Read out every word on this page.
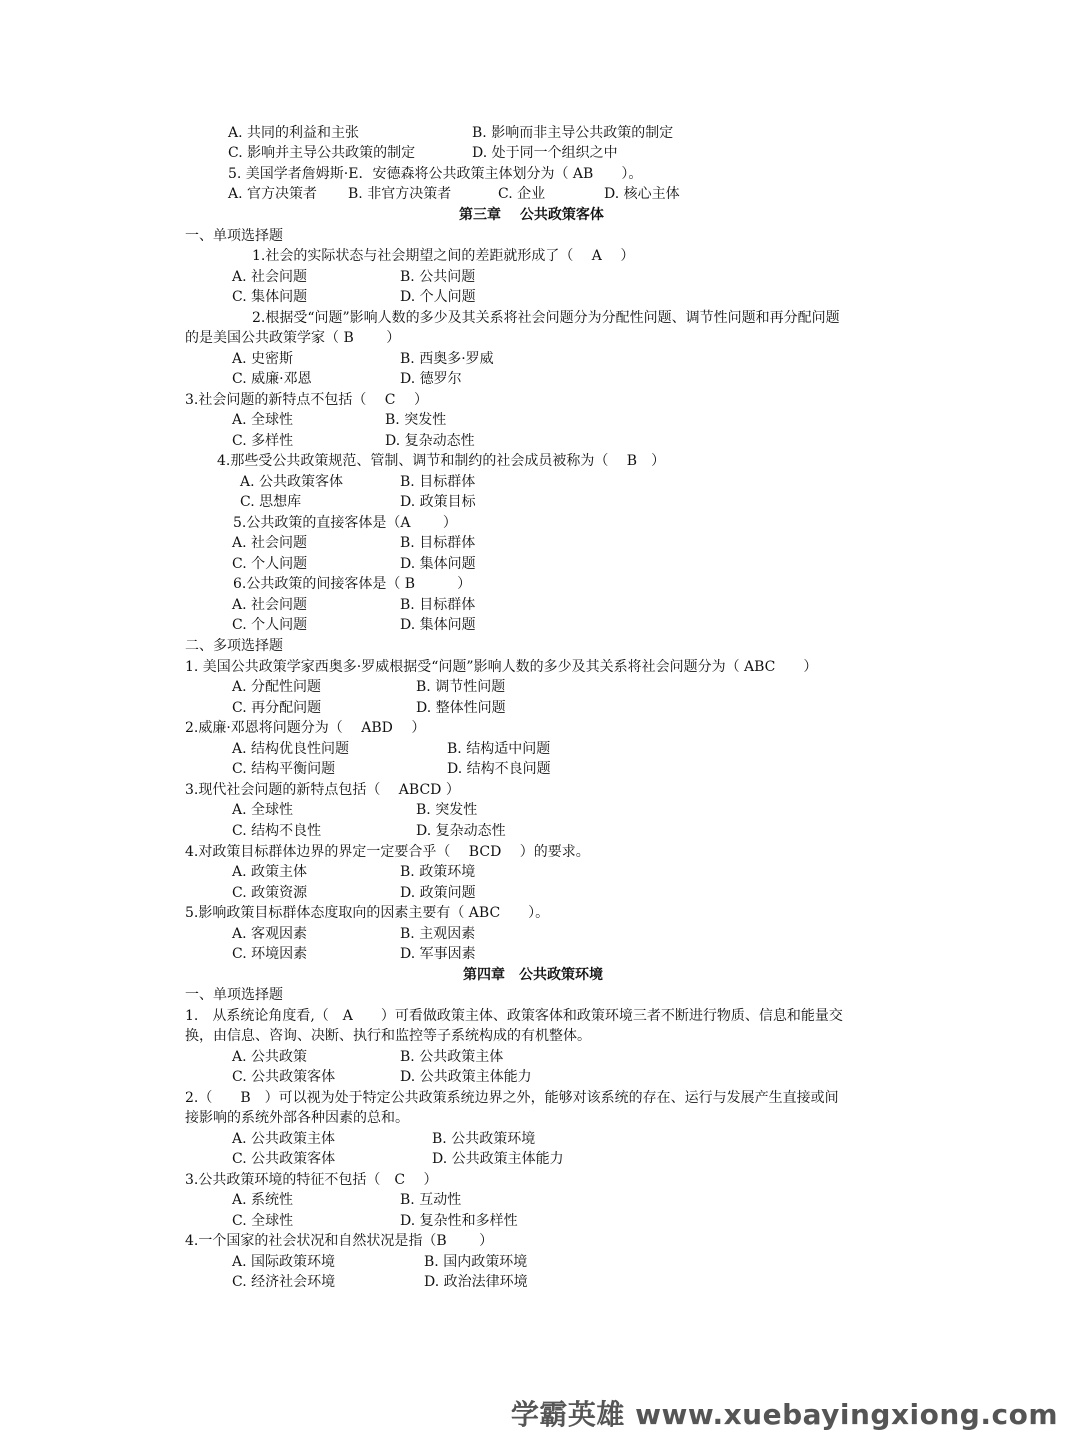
A. 共同的利益和主张	B. 影响而非主导公共政策的制定
C. 影响并主导公共政策的制定	D. 处于同一个组织之中
5. 美国学者詹姆斯·E．安德森将公共政策主体划分为（ AB　　）。
A. 官方决策者 B. 非官方决策者	C. 企业	D. 核心主体
第三章　 公共政策客体
一、单项选择题
1.社会的实际状态与社会期望之间的差距就形成了（　 A　 ）
A. 社会问题	B. 公共问题
C. 集体问题	D. 个人问题
2.根据受“问题”影响人数的多少及其关系将社会问题分为分配性问题、调节性问题和再分配问题
的是美国公共政策学家（ B　　 ）
A. 史密斯	B. 西奥多·罗威
C. 威廉·邓恩	D. 德罗尔
3.社会问题的新特点不包括（　 C　 ）
A. 全球性	B. 突发性
C. 多样性	D. 复杂动态性
4.那些受公共政策规范、管制、调节和制约的社会成员被称为（　 B　）
A. 公共政策客体	B. 目标群体
C. 思想库	D. 政策目标
5.公共政策的直接客体是（A　　 ）
A. 社会问题	B. 目标群体
C. 个人问题	D. 集体问题
6.公共政策的间接客体是（ B　　　）
A. 社会问题	B. 目标群体
C. 个人问题	D. 集体问题
二、多项选择题
1. 美国公共政策学家西奥多·罗威根据受“问题”影响人数的多少及其关系将社会问题分为（ ABC　　）
A. 分配性问题	B. 调节性问题
C. 再分配问题	D. 整体性问题
2.威廉·邓恩将问题分为（　 ABD　 ）
A. 结构优良性问题	B. 结构适中问题
C. 结构平衡问题	D. 结构不良问题
3.现代社会问题的新特点包括（　 ABCD ）
A. 全球性	B. 突发性
C. 结构不良性	D. 复杂动态性
4.对政策目标群体边界的界定一定要合乎（　 BCD　 ）的要求。
A. 政策主体	B. 政策环境
C. 政策资源	D. 政策问题
5.影响政策目标群体态度取向的因素主要有（ ABC　　）。
A. 客观因素	B. 主观因素
C. 环境因素	D. 军事因素
第四章　公共政策环境
一、单项选择题
1.　从系统论角度看,（　A　　）可看做政策主体、政策客体和政策环境三者不断进行物质、信息和能量交
换，由信息、咨询、决断、执行和监控等子系统构成的有机整体。
A. 公共政策	B. 公共政策主体
C. 公共政策客体	D. 公共政策主体能力
2.（　　B　）可以视为处于特定公共政策系统边界之外，能够对该系统的存在、运行与发展产生直接或间
接影响的系统外部各种因素的总和。
A. 公共政策主体	B. 公共政策环境
C. 公共政策客体	D. 公共政策主体能力
3.公共政策环境的特征不包括（　C　 ）
A. 系统性	B. 互动性
C. 全球性	D. 复杂性和多样性
4.一个国家的社会状况和自然状况是指（B　　 ）
A. 国际政策环境	B. 国内政策环境
C. 经济社会环境	D. 政治法律环境
学霸英雄 www.xuebayingxiong.com
